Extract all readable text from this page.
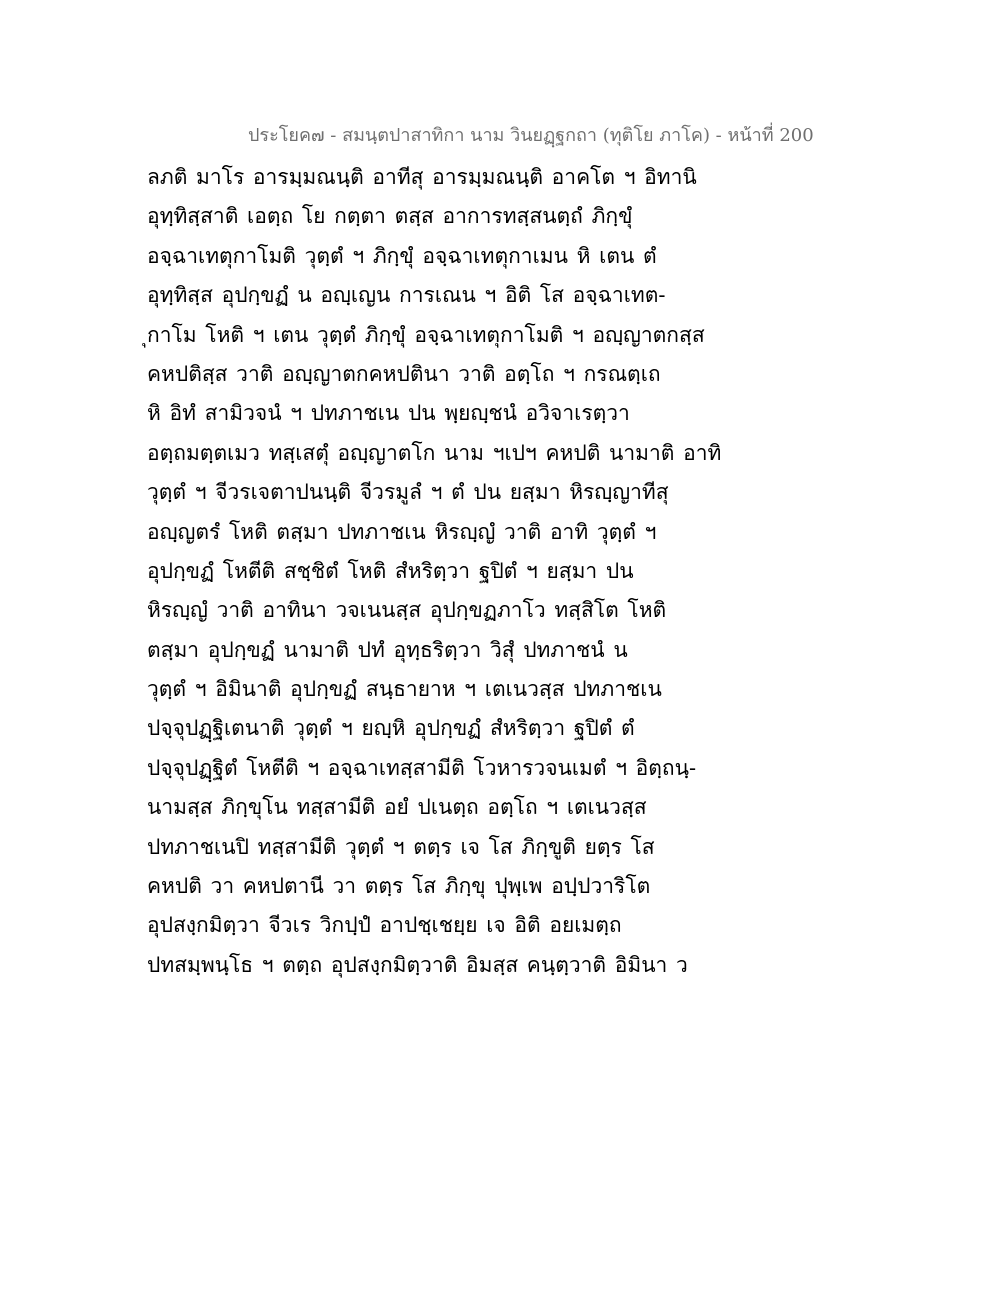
ประโยค๗ - สมนฺตปาสาทิกา นาม วินยฏฺฐกถา (ทุติโย ภาโค) - หน้าที่ 200
ลภติ มาโร อารมฺมณนฺติ อาทีสุ อารมฺมณนฺติ อาคโต ฯ อิทานิ
อุทฺทิสฺสาติ เอตฺถ โย กตฺตา ตสฺส อาการทสฺสนตฺถํ ภิกฺขุํ
อจฺฉาเทตุกาโมติ วุตฺตํ ฯ ภิกฺขุํ อจฺฉาเทตุกาเมน หิ เตน ตํ
อุทฺทิสฺส อุปกฺขฏํ น อญฺเญน การเณน ฯ อิติ โส อจฺฉาเทต-
ุกาโม โหติ ฯ เตน วุตฺตํ ภิกฺขุํ อจฺฉาเทตุกาโมติ ฯ อญฺญาตกสฺส
คหปติสฺส วาติ อญฺญาตกคหปตินา วาติ อตฺโถ ฯ กรณตฺเถ
หิ อิทํ สามิวจนํ ฯ ปทภาชเน ปน พฺยญฺชนํ อวิจาเรตฺวา
อตฺถมตฺตเมว ทสฺเสตุํ อญฺญาตโก นาม ฯเปฯ คหปติ นามาติ อาทิ
วุตฺตํ ฯ จีวรเจตาปนนฺติ จีวรมูลํ ฯ ตํ ปน ยสฺมา หิรญฺญาทีสุ
อญฺญตรํ โหติ ตสฺมา ปทภาชเน หิรญฺญํ วาติ อาทิ วุตฺตํ ฯ
อุปกฺขฏํ โหตีติ สชฺชิตํ โหติ สํหริตฺวา ฐปิตํ ฯ ยสฺมา ปน
หิรญฺญํ วาติ อาทินา วจเนนสฺส อุปกฺขฏภาโว ทสฺสิโต โหติ
ตสฺมา อุปกฺขฏํ นามาติ ปทํ อุทฺธริตฺวา วิสุํ ปทภาชนํ น
วุตฺตํ ฯ อิมินาติ อุปกฺขฏํ สนฺธายาห ฯ เตเนวสฺส ปทภาชเน
ปจฺจุปฏฺฐิเตนาติ วุตฺตํ ฯ ยญฺหิ อุปกฺขฏํ สํหริตฺวา ฐปิตํ ตํ
ปจฺจุปฏฺฐิตํ โหตีติ ฯ อจฺฉาเทสฺสามีติ โวหารวจนเมตํ ฯ อิตฺถนฺ-
นามสฺส ภิกฺขุโน ทสฺสามีติ อยํ ปเนตฺถ อตฺโถ ฯ เตเนวสฺส
ปทภาชเนปิ ทสฺสามีติ วุตฺตํ ฯ ตตฺร เจ โส ภิกฺขูติ ยตฺร โส
คหปติ วา คหปตานี วา ตตฺร โส ภิกฺขุ ปุพฺเพ อปฺปวาริโต
อุปสงฺกมิตฺวา จีวเร วิกปฺปํ อาปชฺเชยฺย เจ อิติ อยเมตฺถ
ปทสมฺพนฺโธ ฯ ตตฺถ อุปสงฺกมิตฺวาติ อิมสฺส คนฺตฺวาติ อิมินา ว
